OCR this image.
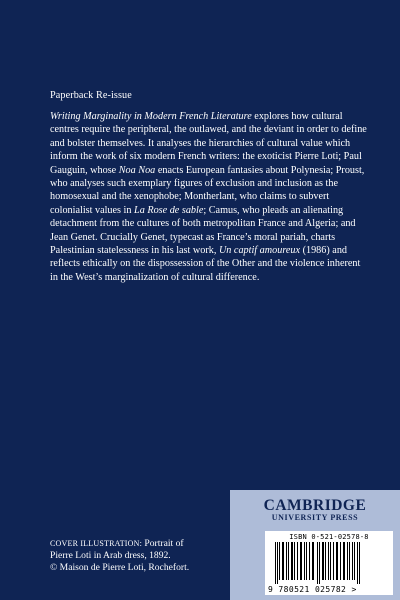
Paperback Re-issue

Writing Marginality in Modern French Literature explores how cultural centres require the peripheral, the outlawed, and the deviant in order to define and bolster themselves. It analyses the hierarchies of cultural value which inform the work of six modern French writers: the exoticist Pierre Loti; Paul Gauguin, whose Noa Noa enacts European fantasies about Polynesia; Proust, who analyses such exemplary figures of exclusion and inclusion as the homosexual and the xenophobe; Montherlant, who claims to subvert colonialist values in La Rose de sable; Camus, who pleads an alienating detachment from the cultures of both metropolitan France and Algeria; and Jean Genet. Crucially Genet, typecast as France’s moral pariah, charts Palestinian statelessness in his last work, Un captif amoureux (1986) and reflects ethically on the dispossession of the Other and the violence inherent in the West’s marginalization of cultural difference.

COVER ILLUSTRATION: Portrait of
Pierre Loti in Arab dress, 1892.
© Maison de Pierre Loti, Rochefort.
CAMBRIDGE
UNIVERSITY PRESS
ISBN 0-521-02578-8
9 780521 025782 >
